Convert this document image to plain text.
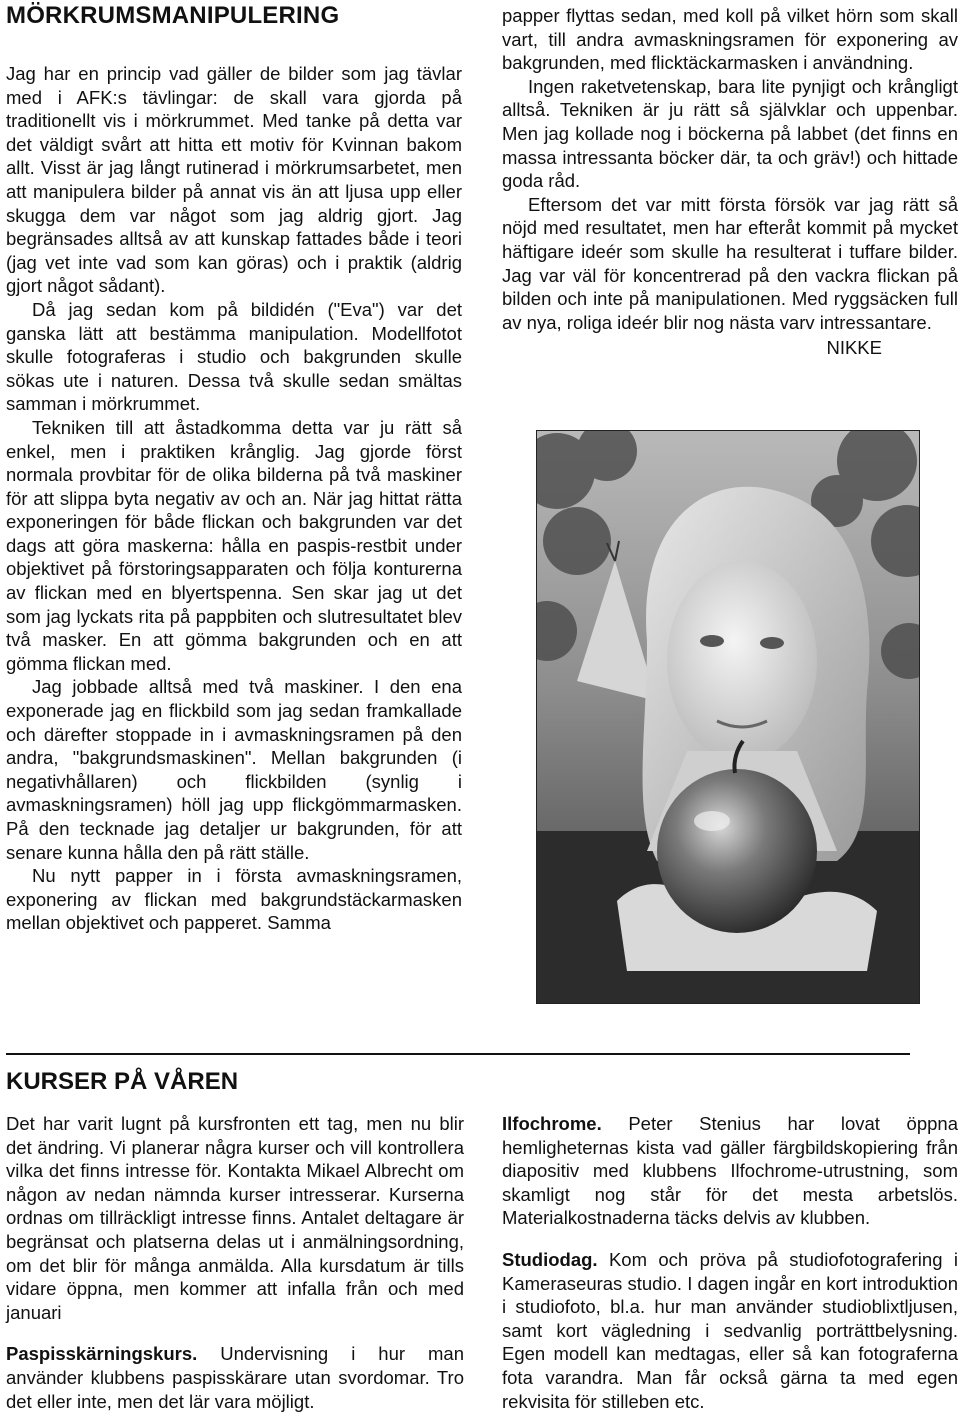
MÖRKRUMSMANIPULERING

Jag har en princip vad gäller de bilder som jag tävlar med i AFK:s tävlingar: de skall vara gjorda på traditionellt vis i mörkrummet. Med tanke på detta var det väldigt svårt att hitta ett motiv för Kvinnan bakom allt. Visst är jag långt rutinerad i mörkrumsarbetet, men att manipulera bilder på annat vis än att ljusa upp eller skugga dem var något som jag aldrig gjort. Jag begränsades alltså av att kunskap fattades både i teori (jag vet inte vad som kan göras) och i praktik (aldrig gjort något sådant).

Då jag sedan kom på bildidén ("Eva") var det ganska lätt att bestämma manipulation. Modellfotot skulle fotograferas i studio och bakgrunden skulle sökas ute i naturen. Dessa två skulle sedan smältas samman i mörkrummet.

Tekniken till att åstadkomma detta var ju rätt så enkel, men i praktiken krånglig. Jag gjorde först normala provbitar för de olika bilderna på två maskiner för att slippa byta negativ av och an. När jag hittat rätta exponeringen för både flickan och bakgrunden var det dags att göra maskerna: hålla en paspis-restbit under objektivet på förstoringsapparaten och följa konturerna av flickan med en blyertspenna. Sen skar jag ut det som jag lyckats rita på pappbiten och slutresultatet blev två masker. En att gömma bakgrunden och en att gömma flickan med.

Jag jobbade alltså med två maskiner. I den ena exponerade jag en flickbild som jag sedan framkallade och därefter stoppade in i avmaskningsramen på den andra, "bakgrundsmaskinen". Mellan bakgrunden (i negativhållaren) och flickbilden (synlig i avmaskningsramen) höll jag upp flickgömmarmasken. På den tecknade jag detaljer ur bakgrunden, för att senare kunna hålla den på rätt ställe.

Nu nytt papper in i första avmaskningsramen, exponering av flickan med bakgrundstäckarmasken mellan objektivet och papperet. Samma

papper flyttas sedan, med koll på vilket hörn som skall vart, till andra avmaskningsramen för exponering av bakgrunden, med flicktäckarmasken i användning.

Ingen raketvetenskap, bara lite pynjigt och krångligt alltså. Tekniken är ju rätt så självklar och uppenbar. Men jag kollade nog i böckerna på labbet (det finns en massa intressanta böcker där, ta och gräv!) och hittade goda råd.

Eftersom det var mitt första försök var jag rätt så nöjd med resultatet, men har efteråt kommit på mycket häftigare ideér som skulle ha resulterat i tuffare bilder. Jag var väl för koncentrerad på den vackra flickan på bilden och inte på manipulationen. Med ryggsäcken full av nya, roliga ideér blir nog nästa varv intressantare.

NIKKE

KURSER PÅ VÅREN

Det har varit lugnt på kursfronten ett tag, men nu blir det ändring. Vi planerar några kurser och vill kontrollera vilka det finns intresse för. Kontakta Mikael Albrecht om någon av nedan nämnda kurser intresserar. Kurserna ordnas om tillräckligt intresse finns. Antalet deltagare är begränsat och platserna delas ut i anmälningsordning, om det blir för många anmälda. Alla kursdatum är tills vidare öppna, men kommer att infalla från och med januari

Paspisskärningskurs. Undervisning i hur man använder klubbens paspisskärare utan svordomar. Tro det eller inte, men det lär vara möjligt.

Ilfochrome. Peter Stenius har lovat öppna hemligheternas kista vad gäller färgbildskopiering från diapositiv med klubbens Ilfochrome-utrustning, som skamligt nog står för det mesta arbetslös. Materialkostnaderna täcks delvis av klubben.

Studiodag. Kom och pröva på studiofotografering i Kameraseuras studio. I dagen ingår en kort introduktion i studiofoto, bl.a. hur man använder studioblixtljusen, samt kort vägledning i sedvanlig porträttbelysning. Egen modell kan medtagas, eller så kan fotograferna fota varandra. Man får också gärna ta med egen rekvisita för stilleben etc.
